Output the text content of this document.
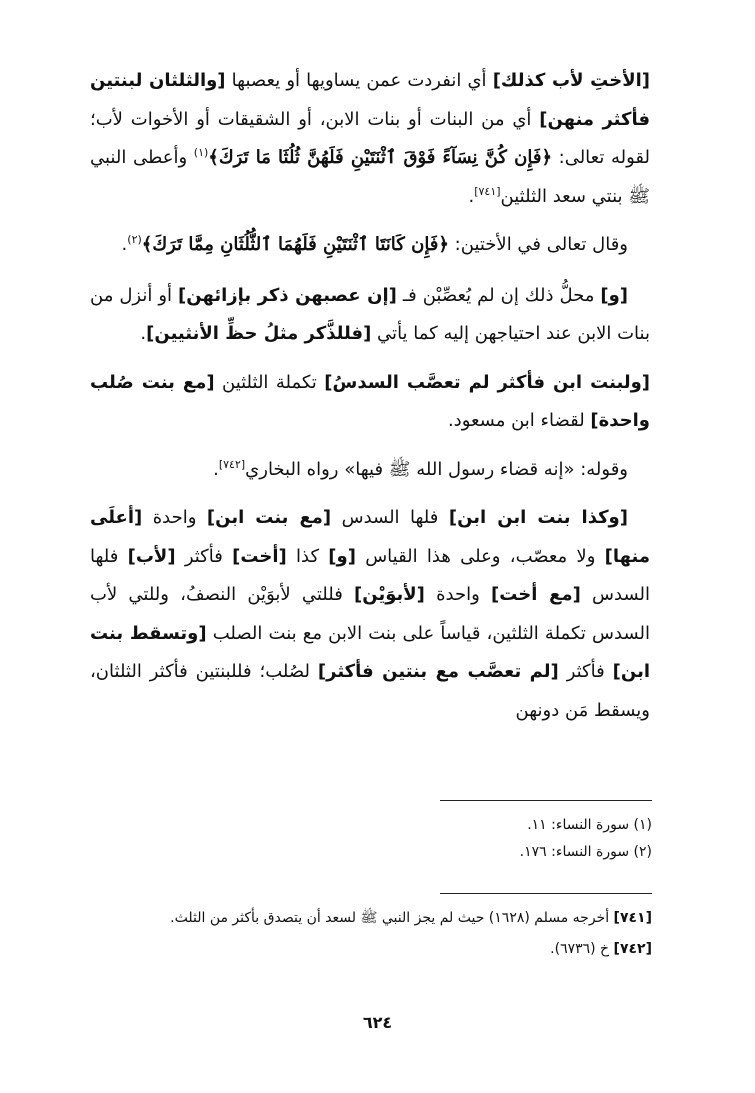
[الأختِ لأب كذلك] أي انفردت عمن يساويها أو يعصبها [والثلثان لبنتين فأكثر منهن] أي من البنات أو بنات الابن، أو الشقيقات أو الأخوات لأب؛ لقوله تعالى: ﴿فَإِن كُنَّ نِسَآءً فَوْقَ ٱثْنَتَيْنِ فَلَهُنَّ ثُلُثَا مَا تَرَكَ﴾$^{(١)}$ وأعطى النبي ﷺ بنتي سعد الثلثين[٧٤١].

وقال تعالى في الأختين: ﴿فَإِن كَانَتَا ٱثْنَتَيْنِ فَلَهُمَا ٱلثُّلُثَانِ مِمَّا تَرَكَ﴾$^{(٢)}$.

[و] محلُّ ذلك إن لم يُعصِّبْن فـ [إن عصبهن ذكر بإزائهن] أو أنزل من بنات الابن عند احتياجهن إليه كما يأتي [فللذَّكر مثلُ حظِّ الأنثيين].

[ولبنت ابن فأكثر لم تعصَّب السدسُ] تكملة الثلثين [مع بنت صُلب واحدة] لقضاء ابن مسعود.

وقوله: «إنه قضاء رسول الله ﷺ فيها» رواه البخاري[٧٤٢].

[وكذا بنت ابن ابن] فلها السدس [مع بنت ابن] واحدة [أعلَى منها] ولا معصّب، وعلى هذا القياس [و] كذا [أخت] فأكثر [لأب] فلها السدس [مع أخت] واحدة [لأبوَيْن] فللتي لأبوَيْن النصفُ، وللتي لأب السدس تكملة الثلثين، قياساً على بنت الابن مع بنت الصلب [وتسقط بنت ابن] فأكثر [لم تعصَّب مع بنتين فأكثر] لصُلب؛ فللبنتين فأكثر الثلثان، ويسقط مَن دونهن

(١) سورة النساء: ١١.

(٢) سورة النساء: ١٧٦.

[٧٤١] أخرجه مسلم (١٦٢٨) حيث لم يجز النبي ﷺ لسعد أن يتصدق بأكثر من الثلث.

[٧٤٢] خ (٦٧٣٦).

٦٢٤
